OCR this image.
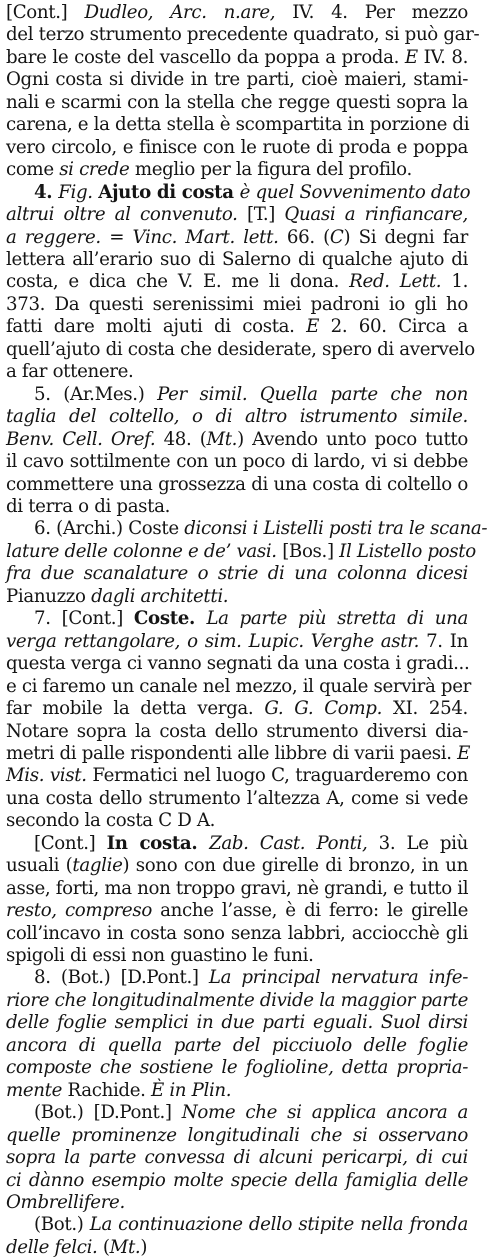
[Cont.] Dudleo, Arc. n.are, IV. 4. Per mezzo
del terzo strumento precedente quadrato, si può gar-
bare le coste del vascello da poppa a proda. E IV. 8.
Ogni costa si divide in tre parti, cioè maieri, stami-
nali e scarmi con la stella che regge questi sopra la
carena, e la detta stella è scompartita in porzione di
vero circolo, e finisce con le ruote di proda e poppa
come si crede meglio per la figura del profilo.
4. Fig. Ajuto di costa è quel Sovvenimento dato
altrui oltre al convenuto. [T.] Quasi a rinfiancare,
a reggere. = Vinc. Mart. lett. 66. (C) Si degni far
lettera all’erario suo di Salerno di qualche ajuto di
costa, e dica che V. E. me li dona. Red. Lett. 1.
373. Da questi serenissimi miei padroni io gli ho
fatti dare molti ajuti di costa. E 2. 60. Circa a
quell’ajuto di costa che desiderate, spero di avervelo
a far ottenere.
5. (Ar.Mes.) Per simil. Quella parte che non
taglia del coltello, o di altro istrumento simile.
Benv. Cell. Oref. 48. (Mt.) Avendo unto poco tutto
il cavo sottilmente con un poco di lardo, vi si debbe
commettere una grossezza di una costa di coltello o
di terra o di pasta.
6. (Archi.) Coste diconsi i Listelli posti tra le scana-
lature delle colonne e de’ vasi. [Bos.] Il Listello posto
fra due scanalature o strie di una colonna dicesi
Pianuzzo dagli architetti.
7. [Cont.] Coste. La parte più stretta di una
verga rettangolare, o sim. Lupic. Verghe astr. 7. In
questa verga ci vanno segnati da una costa i gradi...
e ci faremo un canale nel mezzo, il quale servirà per
far mobile la detta verga. G. G. Comp. XI. 254.
Notare sopra la costa dello strumento diversi dia-
metri di palle rispondenti alle libbre di varii paesi. E
Mis. vist. Fermatici nel luogo C, traguarderemo con
una costa dello strumento l’altezza A, come si vede
secondo la costa C D A.
[Cont.] In costa. Zab. Cast. Ponti, 3. Le più
usuali (taglie) sono con due girelle di bronzo, in un
asse, forti, ma non troppo gravi, nè grandi, e tutto il
resto, compreso anche l’asse, è di ferro: le girelle
coll’incavo in costa sono senza labbri, acciocchè gli
spigoli di essi non guastino le funi.
8. (Bot.) [D.Pont.] La principal nervatura infe-
riore che longitudinalmente divide la maggior parte
delle foglie semplici in due parti eguali. Suol dirsi
ancora di quella parte del picciuolo delle foglie
composte che sostiene le foglioline, detta propria-
mente Rachide. È in Plin.
(Bot.) [D.Pont.] Nome che si applica ancora a
quelle prominenze longitudinali che si osservano
sopra la parte convessa di alcuni pericarpi, di cui
ci dànno esempio molte specie della famiglia delle
Ombrellifere.
(Bot.) La continuazione dello stipite nella fronda
delle felci. (Mt.)
